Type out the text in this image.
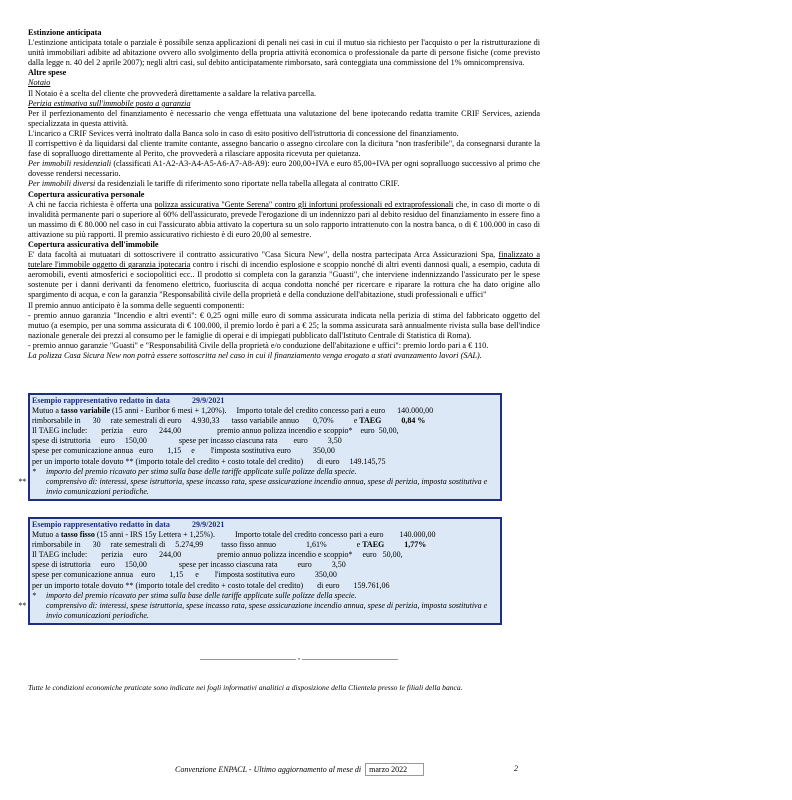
Estinzione anticipata

L'estinzione anticipata totale o parziale è possibile senza applicazioni di penali nei casi in cui il mutuo sia richiesto per l'acquisto o per la ristrutturazione di unità immobiliari adibite ad abitazione ovvero allo svolgimento della propria attività economica o professionale da parte di persone fisiche (come previsto dalla legge n. 40 del 2 aprile 2007); negli altri casi, sul debito anticipatamente rimborsato, sarà conteggiata una commissione del 1% omnicomprensiva.

Altre spese

Notaio

Il Notaio è a scelta del cliente che provvederà direttamente a saldare la relativa parcella.

Perizia estimativa sull'immobile posto a garanzia

Per il perfezionamento del finanziamento è necessario che venga effettuata una valutazione del bene ipotecando redatta tramite CRIF Services, azienda specializzata in questa attività.

L'incarico a CRIF Sevices verrà inoltrato dalla Banca solo in caso di esito positivo dell'istruttoria di concessione del finanziamento.

Il corrispettivo è da liquidarsi dal cliente tramite contante, assegno bancario o assegno circolare con la dicitura "non trasferibile", da consegnarsi durante la fase di sopralluogo direttamente al Perito, che provvederà a rilasciare apposita ricevuta per quietanza.

Per immobili residenziali (classificati A1-A2-A3-A4-A5-A6-A7-A8-A9): euro 200,00+IVA e euro 85,00+IVA per ogni sopralluogo successivo al primo che dovesse rendersi necessario.

Per immobili diversi da residenziali le tariffe di riferimento sono riportate nella tabella allegata al contratto CRIF.

Copertura assicurativa personale

A chi ne faccia richiesta è offerta una polizza assicurativa "Gente Serena" contro gli infortuni professionali ed extraprofessionali che, in caso di morte o di invalidità permanente pari o superiore al 60% dell'assicurato, prevede l'erogazione di un indennizzo pari al debito residuo del finanziamento in essere fino a un massimo di € 80.000 nel caso in cui l'assicurato abbia attivato la copertura su un solo rapporto intrattenuto con la nostra banca, o di € 100.000 in caso di attivazione su più rapporti. Il premio assicurativo richiesto è di euro 20,00 al semestre.

Copertura assicurativa dell'immobile

E' data facoltà ai mutuatari di sottoscrivere il contratto assicurativo "Casa Sicura New", della nostra partecipata Arca Assicurazioni Spa, finalizzato a tutelare l'immobile oggetto di garanzia ipotecaria contro i rischi di incendio esplosione e scoppio nonché di altri eventi dannosi quali, a esempio, caduta di aeromobili, eventi atmosferici e sociopolitici ecc.. Il prodotto si completa con la garanzia "Guasti", che interviene indennizzando l'assicurato per le spese sostenute per i danni derivanti da fenomeno elettrico, fuoriuscita di acqua condotta nonché per ricercare e riparare la rottura che ha dato origine allo spargimento di acqua, e con la garanzia "Responsabilità civile della proprietà e della conduzione dell'abitazione, studi professionali e uffici"

Il premio annuo anticipato è la somma delle seguenti componenti:

- premio annuo garanzia "Incendio e altri eventi": € 0,25 ogni mille euro di somma assicurata indicata nella perizia di stima del fabbricato oggetto del mutuo (a esempio, per una somma assicurata di € 100.000, il premio lordo è pari a € 25; la somma assicurata sarà annualmente rivista sulla base dell'indice nazionale generale dei prezzi al consumo per le famiglie di operai e di impiegati pubblicato dall'Istituto Centrale di Statistica di Roma).

- premio annuo garanzie "Guasti" e "Responsabilità Civile della proprietà e/o conduzione dell'abitazione e uffici": premio lordo pari a € 110.

La polizza Casa Sicura New non potrà essere sottoscritta nel caso in cui il finanziamento venga erogato a stati avanzamento lavori (SAL).

Esempio rappresentativo redatto in data	29/9/2021
Mutuo a tasso variabile (15 anni - Euribor 6 mesi + 1,20%).     Importo totale del credito concesso pari a euro      140.000,00
rimborsabile in      30     rate semestrali di euro     4.930,33      tasso variabile annuo       0,70%          e TAEG	0,84 %
Il TAEG include:       perizia     euro      244,00                  premio annuo polizza incendio e scoppio*    euro  50,00,
spese di istruttoria     euro     150,00                spese per incasso ciascuna rata        euro          3,50
spese per comunicazione annua   euro       1,15     e        l'imposta sostitutiva euro           350,00
per un importo totale dovuto ** (importo totale del credito + costo totale del credito)       di euro     149.145,75
* importo del premio ricavato per stima sulla base delle tariffe applicate sulle polizze della specie.
**	comprensivo di: interessi, spese istruttoria, spese incasso rata, spese assicurazione incendio annua, spese di perizia, imposta sostitutiva e invio comunicazioni periodiche.
Esempio rappresentativo redatto in data	29/9/2021
Mutuo a tasso fisso (15 anni - IRS 15y Lettera + 1,25%).          Importo totale del credito concesso pari a euro        140.000,00
rimborsabile in      30     rate semestrali di     5.274,99         tasso fisso annuo               1,61%               e TAEG	1,77%
Il TAEG include:       perizia     euro      244,00                  premio annuo polizza incendio e scoppio*     euro   50,00,
spese di istruttoria     euro     150,00                spese per incasso ciascuna rata          euro          3,50
spese per comunicazione annua    euro       1,15      e        l'imposta sostitutiva euro          350,00
per un importo totale dovuto ** (importo totale del credito + costo totale del credito)       di euro       159.761,06
* importo del premio ricavato per stima sulla base delle tariffe applicate sulle polizze della specie.
**	comprensivo di: interessi, spese istruttoria, spese incasso rata, spese assicurazione incendio annua, spese di perizia, imposta sostitutiva e invio comunicazioni periodiche.
________________________ , ________________________
Tutte le condizioni economiche praticate sono indicate nei fogli informativi analitici a disposizione della Clientela presso le filiali della banca.
Convenzione ENPACL - Ultimo aggiornamento al mese di	marzo 2022	2
